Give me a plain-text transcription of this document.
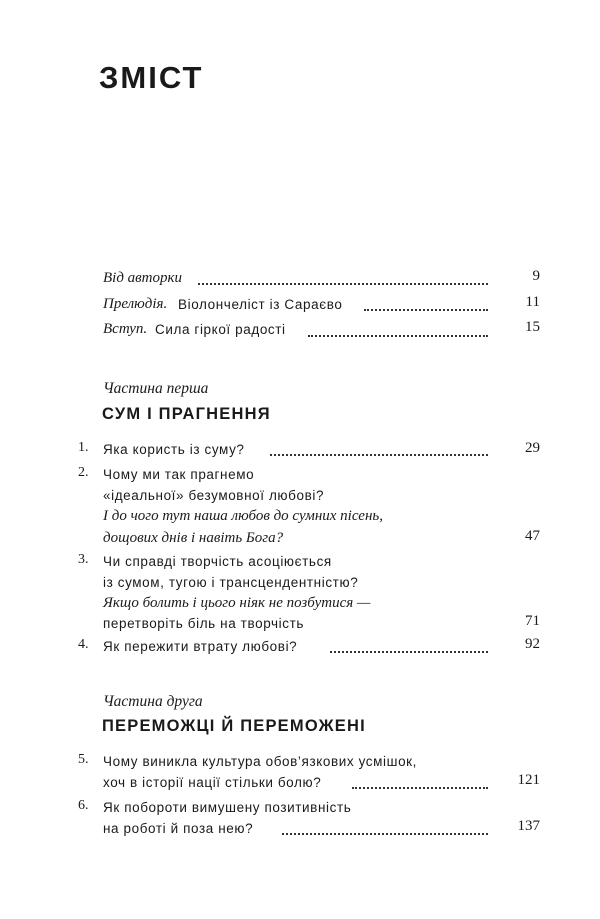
ЗМІСТ
Від авторки	9
Прелюдія. Віолончеліст із Сараєво	11
Вступ. Сила гіркої радості	15
Частина перша
СУМ І ПРАГНЕННЯ
1. Яка користь із суму?	29
2. Чому ми так прагнемо
«ідеальної» безумовної любові?
І до чого тут наша любов до сумних пісень,
дощових днів і навіть Бога?	47
3. Чи справді творчість асоціюється
із сумом, тугою і трансцендентністю?
Якщо болить і цього ніяк не позбутися —
перетворіть біль на творчість	71
4. Як пережити втрату любові?	92
Частина друга
ПЕРЕМОЖЦІ Й ПЕРЕМОЖЕНІ
5. Чому виникла культура обов’язкових усмішок,
хоч в історії нації стільки болю?	121
6. Як побороти вимушену позитивність
на роботі й поза нею?	137
